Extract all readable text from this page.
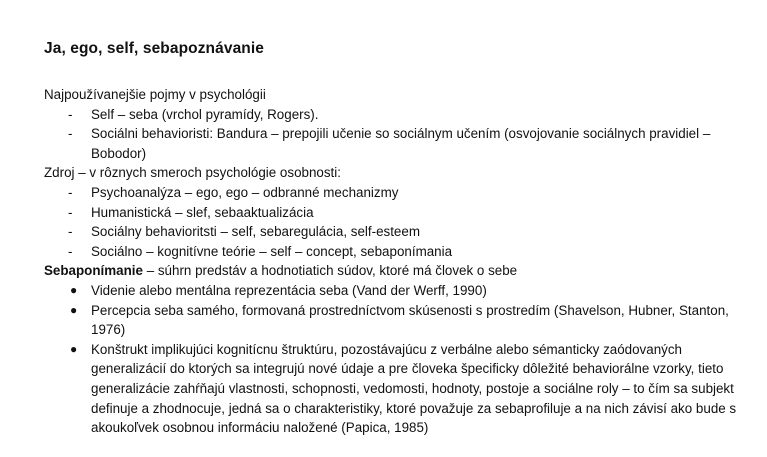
Ja, ego, self, sebapoznávanie

Najpoužívanejšie pojmy v psychológii

- Self – seba (vrchol pyramídy, Rogers).
- Sociálni behavioristi: Bandura – prepojili učenie so sociálnym učením (osvojovanie sociálnych pravidiel – Bobodor)

Zdroj – v rôznych smeroch psychológie osobnosti:

- Psychoanalýza – ego, ego – odbranné mechanizmy
- Humanistická – slef, sebaaktualizácia
- Sociálny behavioritsti – self, sebaregulácia, self-esteem
- Sociálno – kognitívne teórie – self – concept, sebaponímania

Sebaponímanie – súhrn predstáv a hodnotiatich súdov, ktoré má človek o sebe

● Videnie alebo mentálna reprezentácia seba (Vand der Werff, 1990)
● Percepcia seba samého, formovaná prostredníctvom skúsenosti s prostredím (Shavelson, Hubner, Stanton, 1976)
● Konštrukt implikujúci kognitícnu štruktúru, pozostávajúcu z verbálne alebo sémanticky zaódovaných generalizácií do ktorých sa integrujú nové údaje a pre človeka špecificky dôležité behaviorálne vzorky, tieto generalizácie zahŕňajú vlastnosti, schopnosti, vedomosti, hodnoty, postoje a sociálne roly – to čím sa subjekt definuje a zhodnocuje, jedná sa o charakteristiky, ktoré považuje za sebaprofiluje a na nich závisí ako bude s akoukoľvek osobnou informáciu naložené (Papica, 1985)
